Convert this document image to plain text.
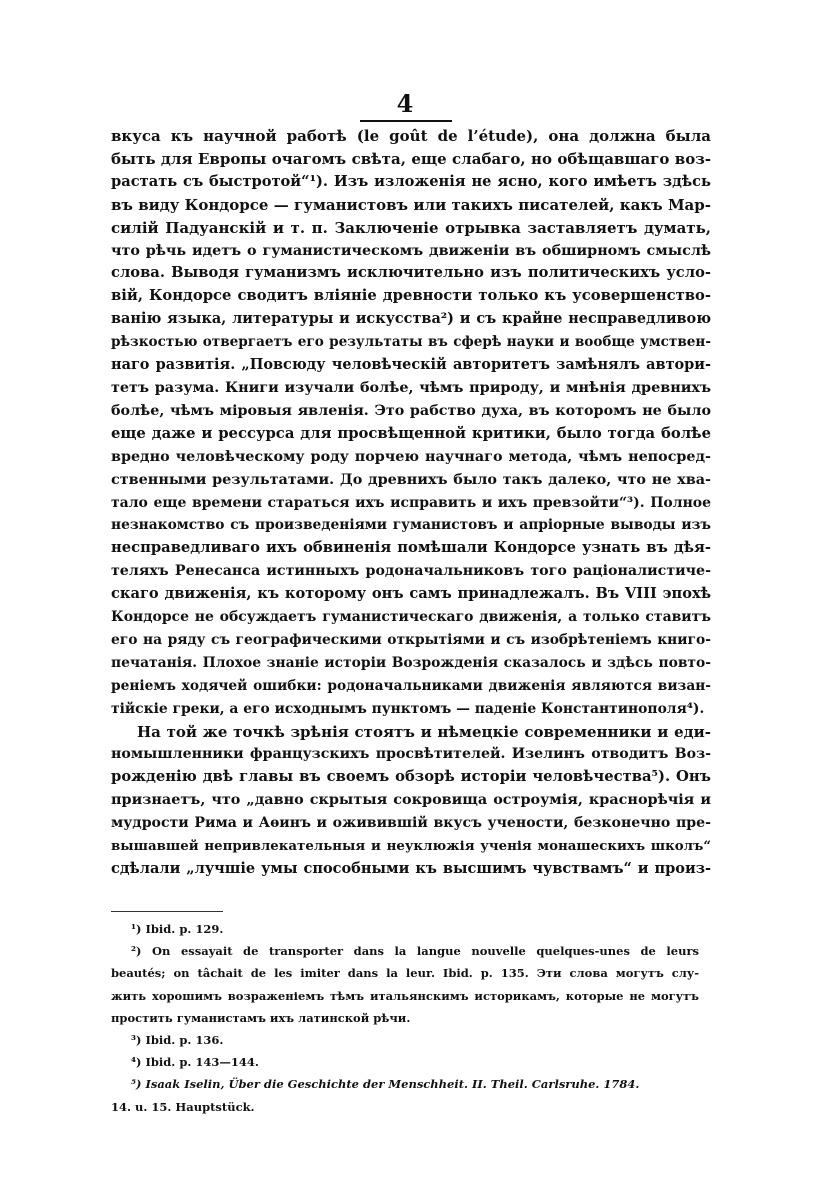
4
вкуса къ научной работѣ (le goût de l’étude), она должна была
быть для Европы очагомъ свѣта, еще слабаго, но обѣщавшаго воз-
растать съ быстротой“¹). Изъ изложенія не ясно, кого имѣетъ здѣсь
въ виду Кондорсе — гуманистовъ или такихъ писателей, какъ Мар-
силій Падуанскій и т. п. Заключеніе отрывка заставляетъ думать,
что рѣчь идетъ о гуманистическомъ движеніи въ обширномъ смыслѣ
слова. Выводя гуманизмъ исключительно изъ политическихъ усло-
вій, Кондорсе сводитъ вліяніе древности только къ усовершенство-
ванію языка, литературы и искусства²) и съ крайне несправедливою
рѣзкостью отвергаетъ его результаты въ сферѣ науки и вообще умствен-
наго развитія. „Повсюду человѣческій авторитетъ замѣнялъ автори-
тетъ разума. Книги изучали болѣе, чѣмъ природу, и мнѣнія древнихъ
болѣе, чѣмъ міровыя явленія. Это рабство духа, въ которомъ не было
еще даже и рессурса для просвѣщенной критики, было тогда болѣе
вредно человѣческому роду порчею научнаго метода, чѣмъ непосред-
ственными результатами. До древнихъ было такъ далеко, что не хва-
тало еще времени стараться ихъ исправить и ихъ превзойти“³). Полное
незнакомство съ произведеніями гуманистовъ и апріорные выводы изъ
несправедливаго ихъ обвиненія помѣшали Кондорсе узнать въ дѣя-
теляхъ Ренесанса истинныхъ родоначальниковъ того раціоналистиче-
скаго движенія, къ которому онъ самъ принадлежалъ. Въ VIII эпохѣ
Кондорсе не обсуждаетъ гуманистическаго движенія, а только ставитъ
его на ряду съ географическими открытіями и съ изобрѣтеніемъ книго-
печатанія. Плохое знаніе исторіи Возрожденія сказалось и здѣсь повто-
реніемъ ходячей ошибки: родоначальниками движенія являются визан-
тійскіе греки, а его исходнымъ пунктомъ — паденіе Константинополя⁴).
На той же точкѣ зрѣнія стоятъ и нѣмецкіе современники и еди-
номышленники французскихъ просвѣтителей. Изелинъ отводитъ Воз-
рожденію двѣ главы въ своемъ обзорѣ исторіи человѣчества⁵). Онъ
признаетъ, что „давно скрытыя сокровища остроумія, краснорѣчія и
мудрости Рима и Аѳинъ и оживившій вкусъ учености, безконечно пре-
вышавшей непривлекательныя и неуклюжія ученія монашескихъ школъ“
сдѣлали „лучшіе умы способными къ высшимъ чувствамъ“ и произ-
¹) Ibid. p. 129.
²) On essayait de transporter dans la langue nouvelle quelques-unes de leurs
beautés; on tâchait de les imiter dans la leur. Ibid. p. 135. Эти слова могутъ слу-
жить хорошимъ возраженіемъ тѣмъ итальянскимъ историкамъ, которые не могутъ
простить гуманистамъ ихъ латинской рѣчи.
³) Ibid. p. 136.
⁴) Ibid. p. 143—144.
⁵) Isaak Iselin, Über die Geschichte der Menschheit. II. Theil. Carlsruhe. 1784.
14. u. 15. Hauptstück.
